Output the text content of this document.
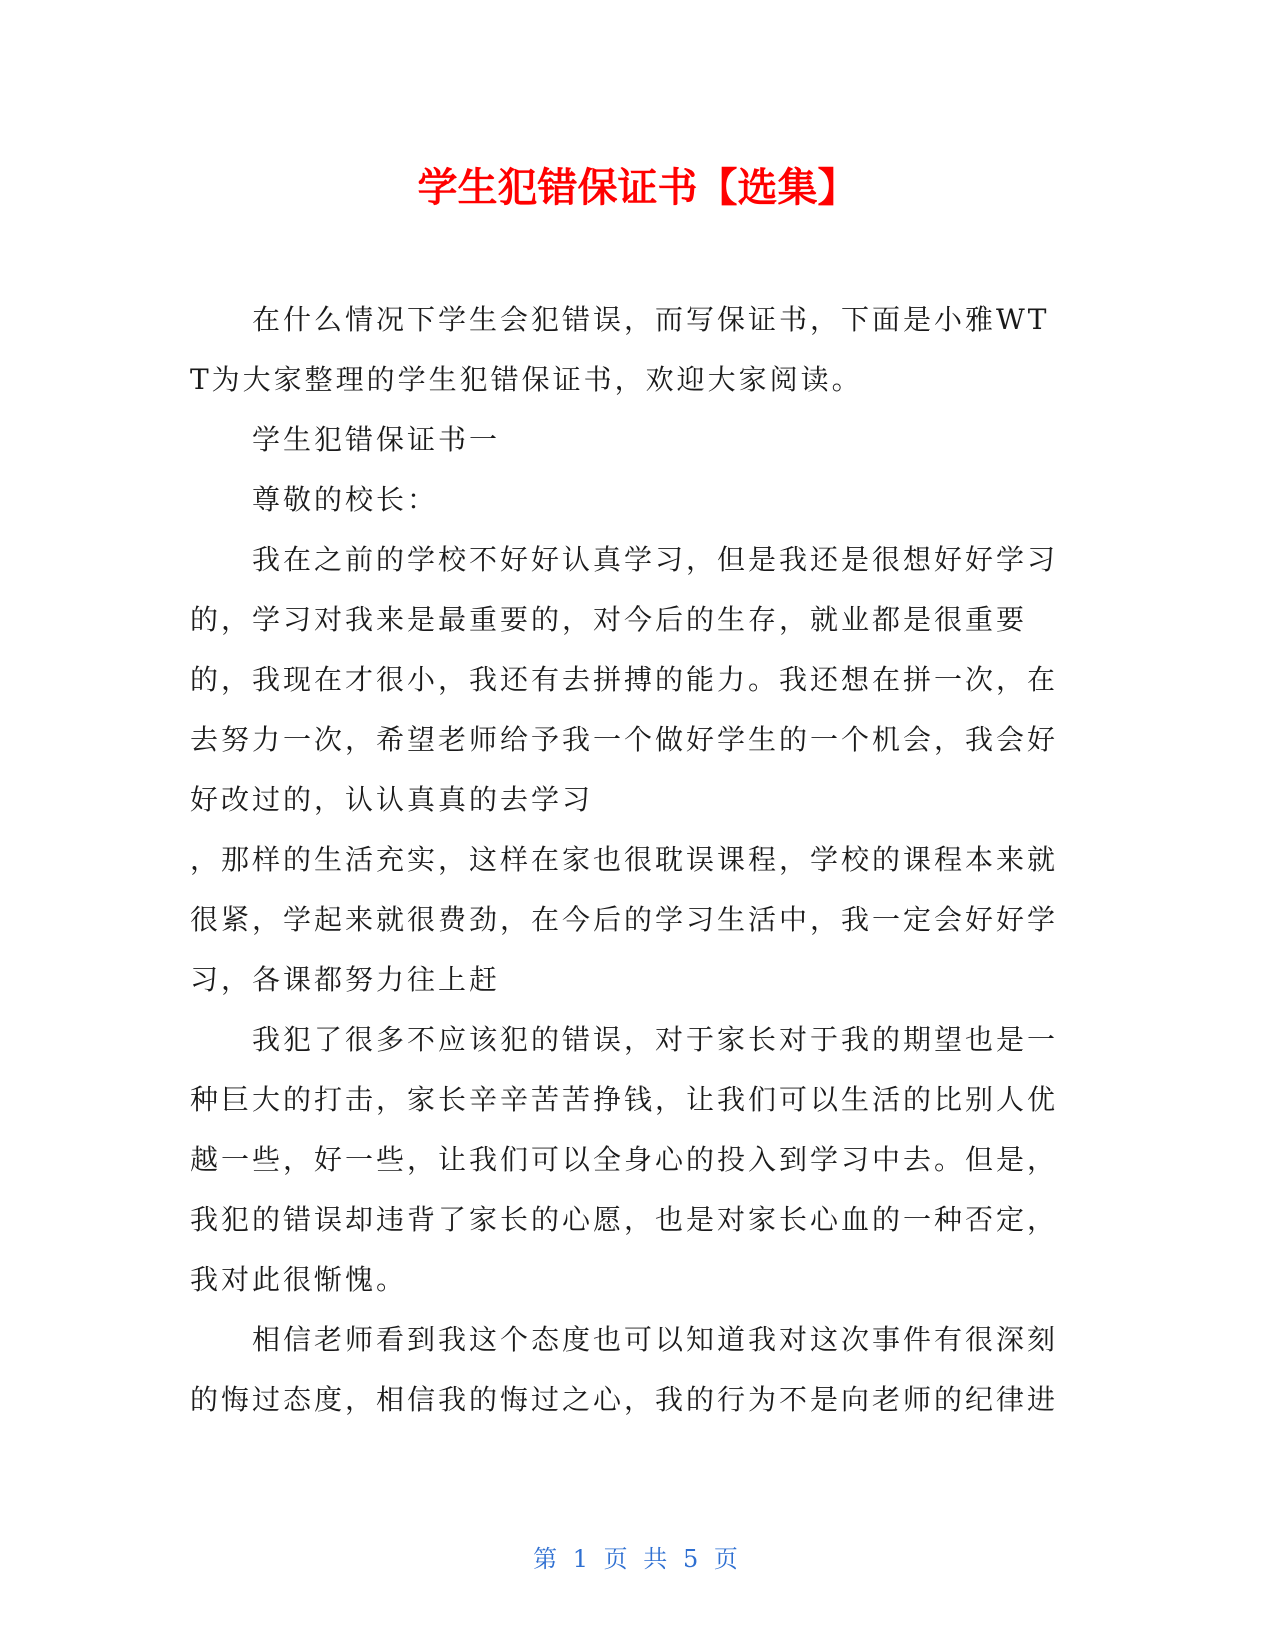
学生犯错保证书【选集】

在什么情况下学生会犯错误，而写保证书，下面是小雅WTT为大家整理的学生犯错保证书，欢迎大家阅读。

学生犯错保证书一

尊敬的校长：

我在之前的学校不好好认真学习，但是我还是很想好好学习的，学习对我来是最重要的，对今后的生存，就业都是很重要的，我现在才很小，我还有去拼搏的能力。我还想在拼一次，在去努力一次，希望老师给予我一个做好学生的一个机会，我会好好改过的，认认真真的去学习

，那样的生活充实，这样在家也很耽误课程，学校的课程本来就很紧，学起来就很费劲，在今后的学习生活中，我一定会好好学习，各课都努力往上赶

我犯了很多不应该犯的错误，对于家长对于我的期望也是一种巨大的打击，家长辛辛苦苦挣钱，让我们可以生活的比别人优越一些，好一些，让我们可以全身心的投入到学习中去。但是，我犯的错误却违背了家长的心愿，也是对家长心血的一种否定，我对此很惭愧。

相信老师看到我这个态度也可以知道我对这次事件有很深刻的悔过态度，相信我的悔过之心，我的行为不是向老师的纪律进

第 1 页 共 5 页
